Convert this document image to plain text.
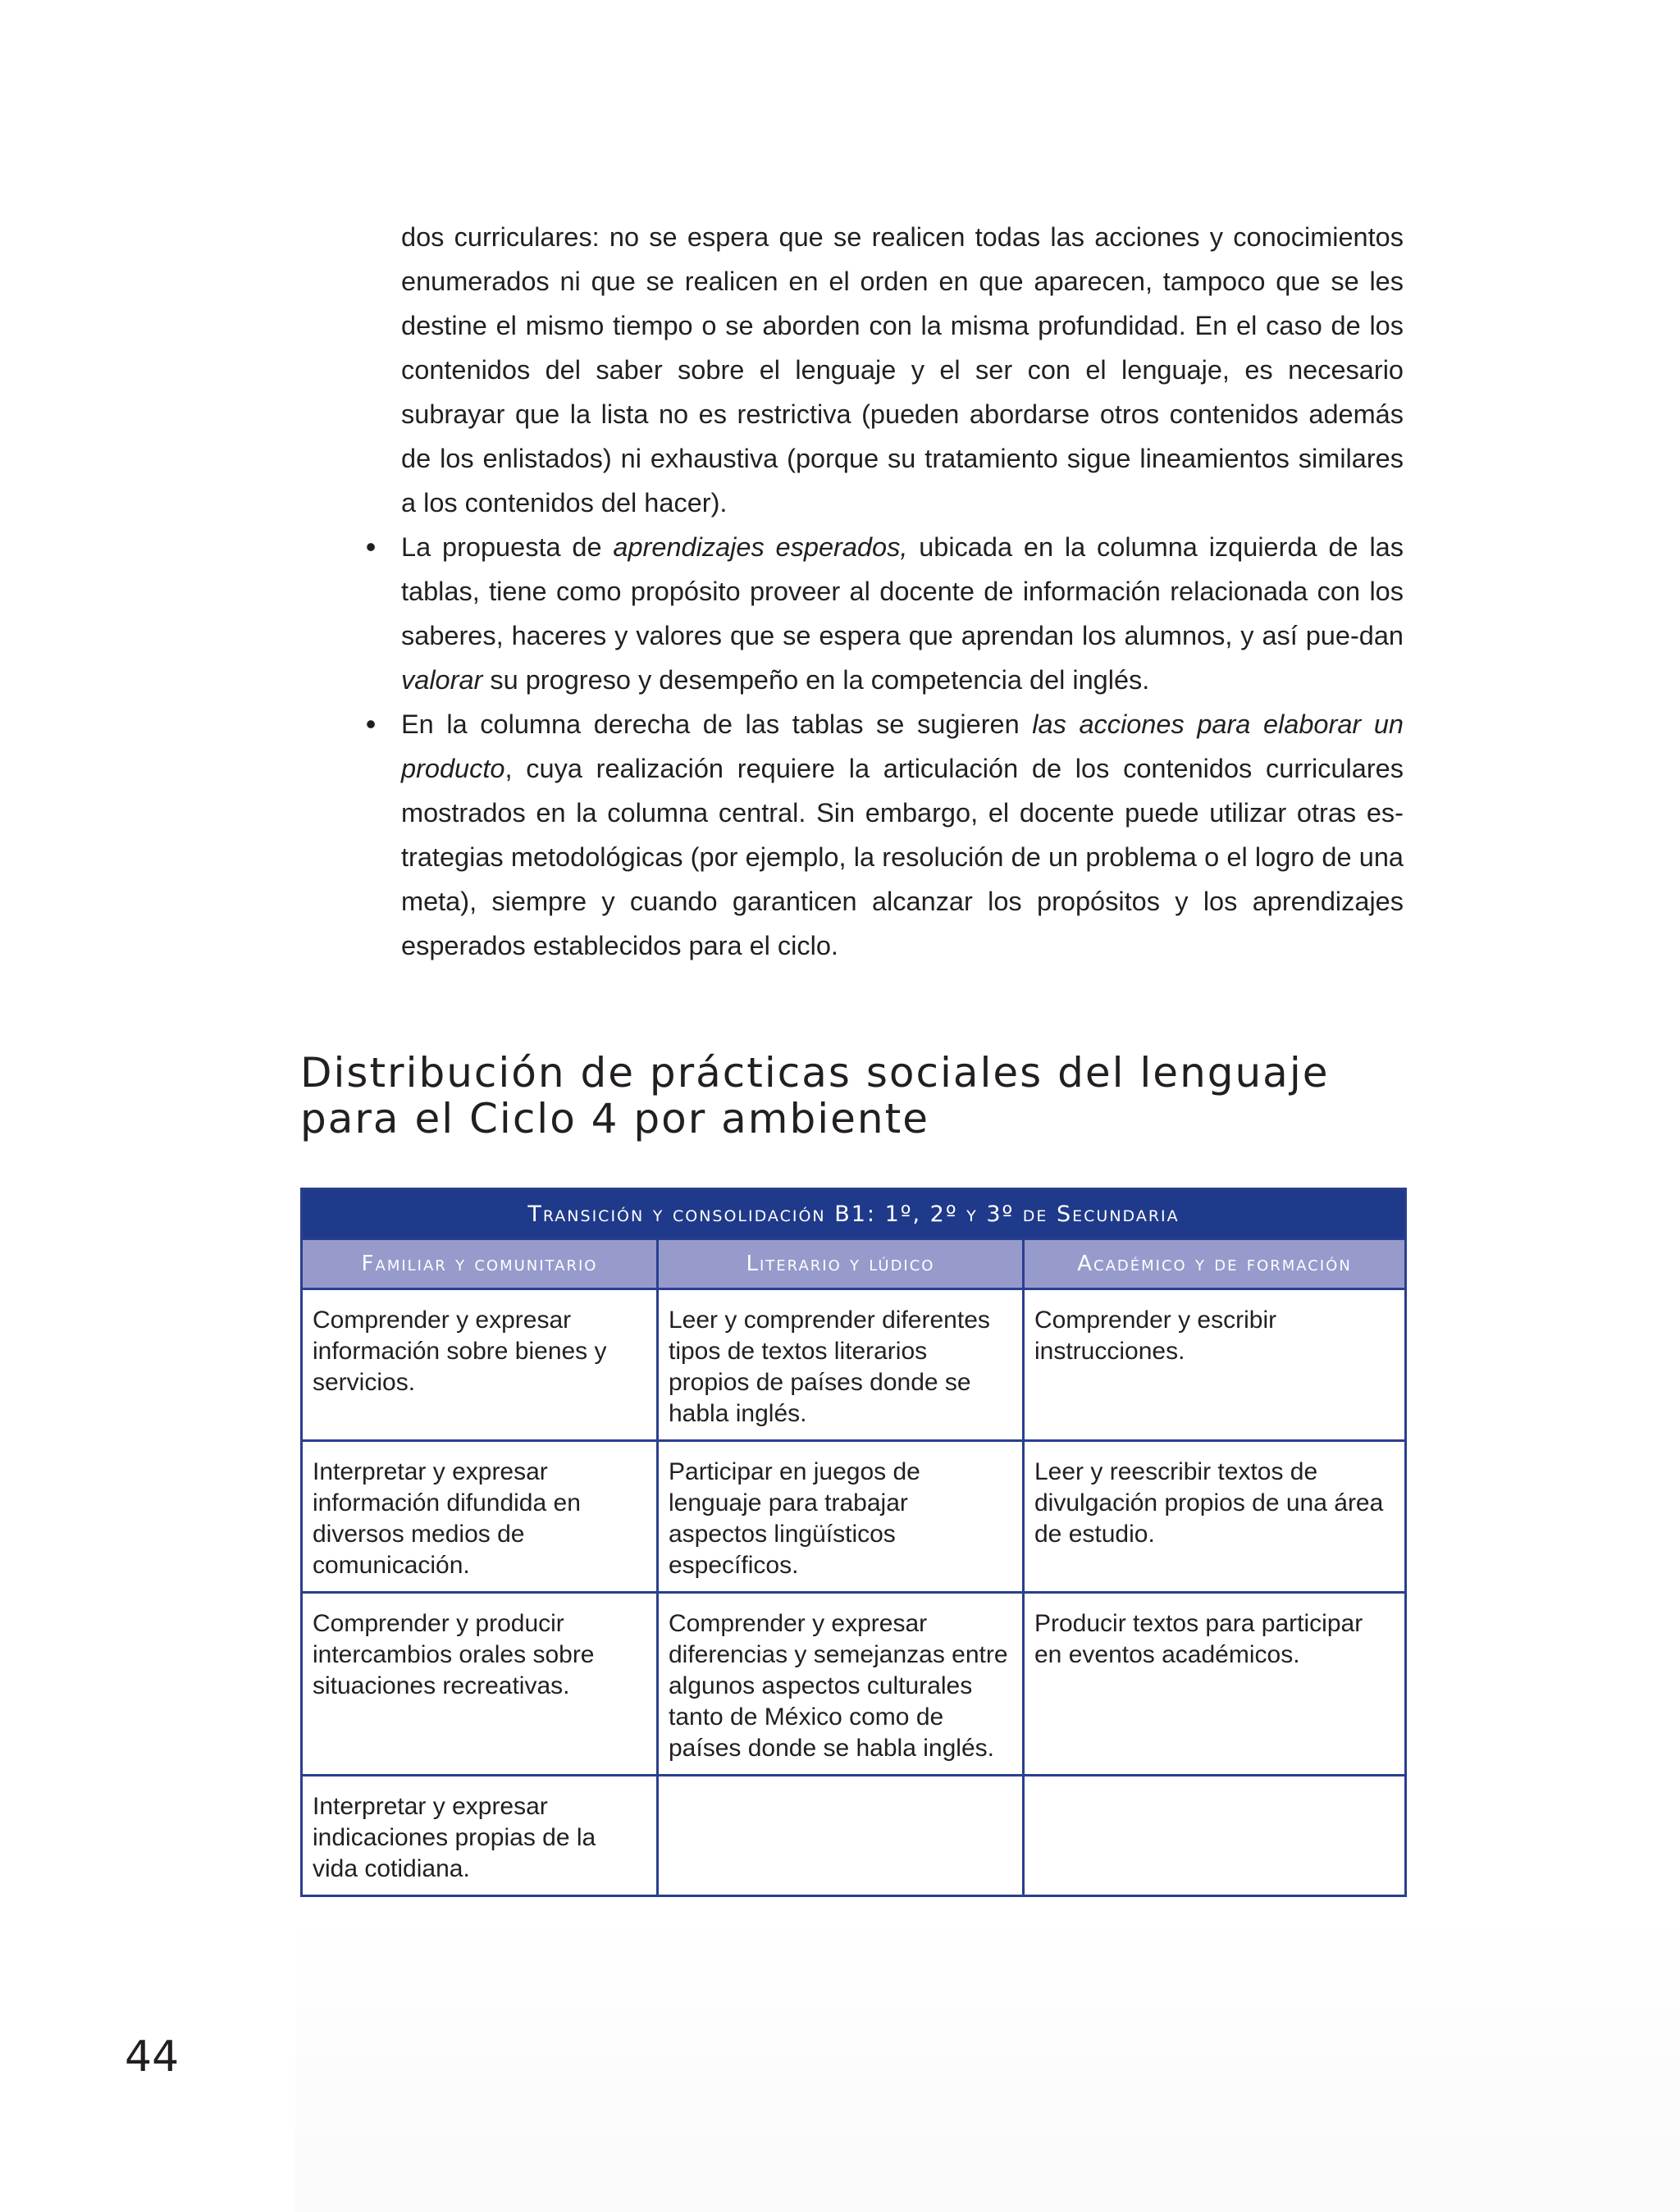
dos curriculares: no se espera que se realicen todas las acciones y conocimientos enumerados ni que se realicen en el orden en que aparecen, tampoco que se les destine el mismo tiempo o se aborden con la misma profundidad. En el caso de los contenidos del saber sobre el lenguaje y el ser con el lenguaje, es necesario subrayar que la lista no es restrictiva (pueden abordarse otros contenidos además de los enlistados) ni exhaustiva (porque su tratamiento sigue lineamientos similares a los contenidos del hacer).

• La propuesta de aprendizajes esperados, ubicada en la columna izquierda de las tablas, tiene como propósito proveer al docente de información relacionada con los saberes, haceres y valores que se espera que aprendan los alumnos, y así pue-dan valorar su progreso y desempeño en la competencia del inglés.

• En la columna derecha de las tablas se sugieren las acciones para elaborar un producto, cuya realización requiere la articulación de los contenidos curriculares mostrados en la columna central. Sin embargo, el docente puede utilizar otras es-trategias metodológicas (por ejemplo, la resolución de un problema o el logro de una meta), siempre y cuando garanticen alcanzar los propósitos y los aprendizajes esperados establecidos para el ciclo.

Distribución de prácticas sociales del lenguaje
para el Ciclo 4 por ambiente
Transición y consolidación B1: 1º, 2º y 3º de Secundaria		
Familiar y comunitario	Literario y lúdico	Académico y de formación
Comprender y expresar información sobre bienes y servicios.	Leer y comprender diferentes tipos de textos literarios propios de países donde se habla inglés.	Comprender y escribir instrucciones.
Interpretar y expresar información difundida en diversos medios de comunicación.	Participar en juegos de lenguaje para trabajar aspectos lingüísticos específicos.	Leer y reescribir textos de divulgación propios de una área de estudio.
Comprender y producir intercambios orales sobre situaciones recreativas.	Comprender y expresar diferencias y semejanzas entre algunos aspectos culturales tanto de México como de países donde se habla inglés.	Producir textos para participar en eventos académicos.
Interpretar y expresar indicaciones propias de la vida cotidiana.		
44
